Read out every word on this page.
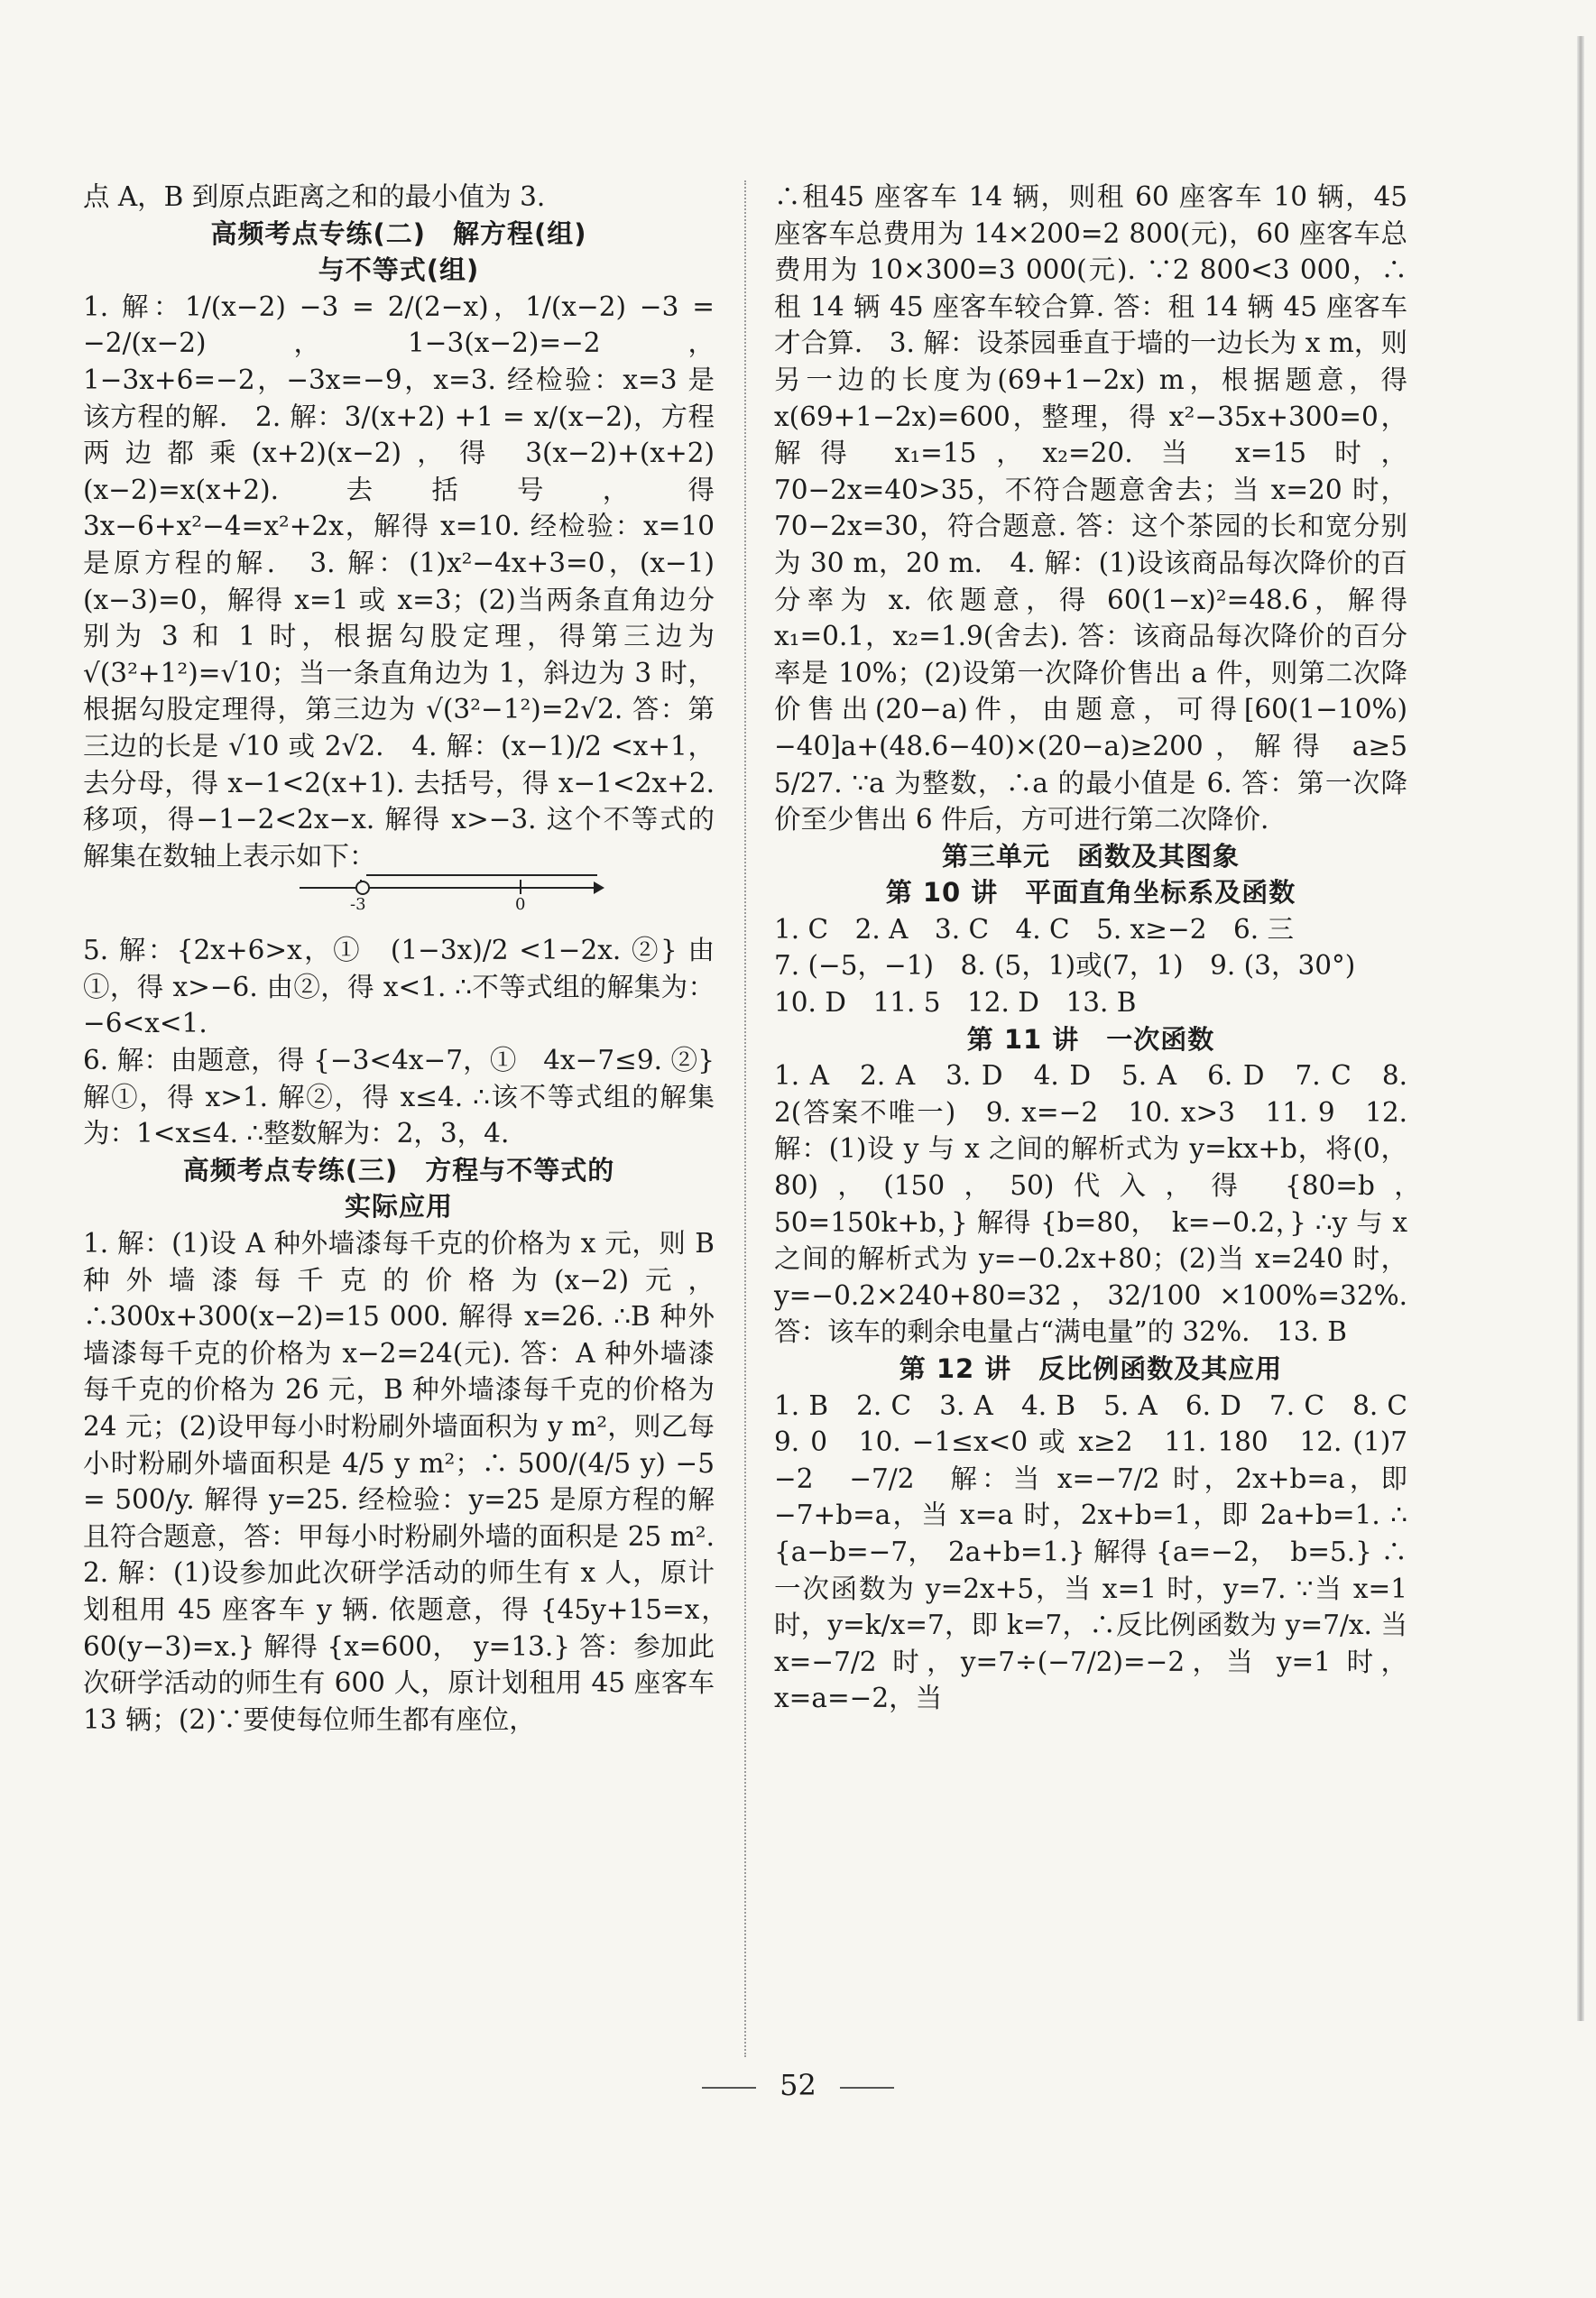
点 A，B 到原点距离之和的最小值为 3.

高频考点专练(二)　解方程(组)

与不等式(组)

1. 解：1/(x−2) −3 = 2/(2−x)，1/(x−2) −3 = −2/(x−2)，1−3(x−2)=−2，1−3x+6=−2，−3x=−9，x=3. 经检验：x=3 是该方程的解.　2. 解：3/(x+2) +1 = x/(x−2)，方程两边都乘(x+2)(x−2)，得 3(x−2)+(x+2)(x−2)=x(x+2). 去括号，得 3x−6+x²−4=x²+2x，解得 x=10. 经检验：x=10 是原方程的解.　3. 解：(1)x²−4x+3=0，(x−1)(x−3)=0，解得 x=1 或 x=3；(2)当两条直角边分别为 3 和 1 时，根据勾股定理，得第三边为 √(3²+1²)=√10；当一条直角边为 1，斜边为 3 时，根据勾股定理得，第三边为 √(3²−1²)=2√2. 答：第三边的长是 √10 或 2√2.　4. 解：(x−1)/2 <x+1，去分母，得 x−1<2(x+1). 去括号，得 x−1<2x+2. 移项，得−1−2<2x−x. 解得 x>−3. 这个不等式的解集在数轴上表示如下：

-3	0

5. 解：{2x+6>x，①　(1−3x)/2 <1−2x. ②} 由①，得 x>−6. 由②，得 x<1. ∴不等式组的解集为：−6<x<1.

6. 解：由题意，得 {−3<4x−7，①　4x−7≤9. ②} 解①，得 x>1. 解②，得 x≤4. ∴该不等式组的解集为：1<x≤4. ∴整数解为：2，3，4.

高频考点专练(三)　方程与不等式的

实际应用

1. 解：(1)设 A 种外墙漆每千克的价格为 x 元，则 B 种外墙漆每千克的价格为(x−2)元，∴300x+300(x−2)=15 000. 解得 x=26. ∴B 种外墙漆每千克的价格为 x−2=24(元). 答：A 种外墙漆每千克的价格为 26 元，B 种外墙漆每千克的价格为 24 元；(2)设甲每小时粉刷外墙面积为 y m²，则乙每小时粉刷外墙面积是 4/5 y m²；∴ 500/(4/5 y) −5 = 500/y. 解得 y=25. 经检验：y=25 是原方程的解且符合题意，答：甲每小时粉刷外墙的面积是 25 m².　2. 解：(1)设参加此次研学活动的师生有 x 人，原计划租用 45 座客车 y 辆. 依题意，得 {45y+15=x，　60(y−3)=x.} 解得 {x=600，　y=13.} 答：参加此次研学活动的师生有 600 人，原计划租用 45 座客车 13 辆；(2)∵要使每位师生都有座位，

∴租45 座客车 14 辆，则租 60 座客车 10 辆，45 座客车总费用为 14×200=2 800(元)，60 座客车总费用为 10×300=3 000(元). ∵2 800<3 000，∴租 14 辆 45 座客车较合算. 答：租 14 辆 45 座客车才合算.　3. 解：设茶园垂直于墙的一边长为 x m，则另一边的长度为(69+1−2x) m，根据题意，得 x(69+1−2x)=600，整理，得 x²−35x+300=0，解得 x₁=15，x₂=20. 当 x=15 时，70−2x=40>35，不符合题意舍去；当 x=20 时，70−2x=30，符合题意. 答：这个茶园的长和宽分别为 30 m，20 m.　4. 解：(1)设该商品每次降价的百分率为 x. 依题意，得 60(1−x)²=48.6，解得 x₁=0.1，x₂=1.9(舍去). 答：该商品每次降价的百分率是 10%；(2)设第一次降价售出 a 件，则第二次降价售出(20−a)件，由题意，可得[60(1−10%)−40]a+(48.6−40)×(20−a)≥200，解得 a≥5 5/27. ∵a 为整数，∴a 的最小值是 6. 答：第一次降价至少售出 6 件后，方可进行第二次降价.

第三单元　函数及其图象

第 10 讲　平面直角坐标系及函数

1. C　2. A　3. C　4. C　5. x≥−2　6. 三

7. (−5，−1)　8. (5，1)或(7，1)　9. (3，30°)

10. D　11. 5　12. D　13. B

第 11 讲　一次函数

1. A　2. A　3. D　4. D　5. A　6. D　7. C　8. 2(答案不唯一)　9. x=−2　10. x>3　11. 9　12. 解：(1)设 y 与 x 之间的解析式为 y=kx+b，将(0，80)，(150，50)代入，得 {80=b，　50=150k+b，} 解得 {b=80，　k=−0.2，} ∴y 与 x 之间的解析式为 y=−0.2x+80；(2)当 x=240 时，y=−0.2×240+80=32，32/100 ×100%=32%. 答：该车的剩余电量占“满电量”的 32%.　13. B

第 12 讲　反比例函数及其应用

1. B　2. C　3. A　4. B　5. A　6. D　7. C　8. C　9. 0　10. −1≤x<0 或 x≥2　11. 180　12. (1)7　−2　−7/2　解：当 x=−7/2 时，2x+b=a，即−7+b=a，当 x=a 时，2x+b=1，即 2a+b=1. ∴ {a−b=−7，　2a+b=1.} 解得 {a=−2，　b=5.} ∴一次函数为 y=2x+5，当 x=1 时，y=7. ∵当 x=1 时，y=k/x=7，即 k=7，∴反比例函数为 y=7/x. 当 x=−7/2 时，y=7÷(−7/2)=−2，当 y=1 时，x=a=−2，当

52
